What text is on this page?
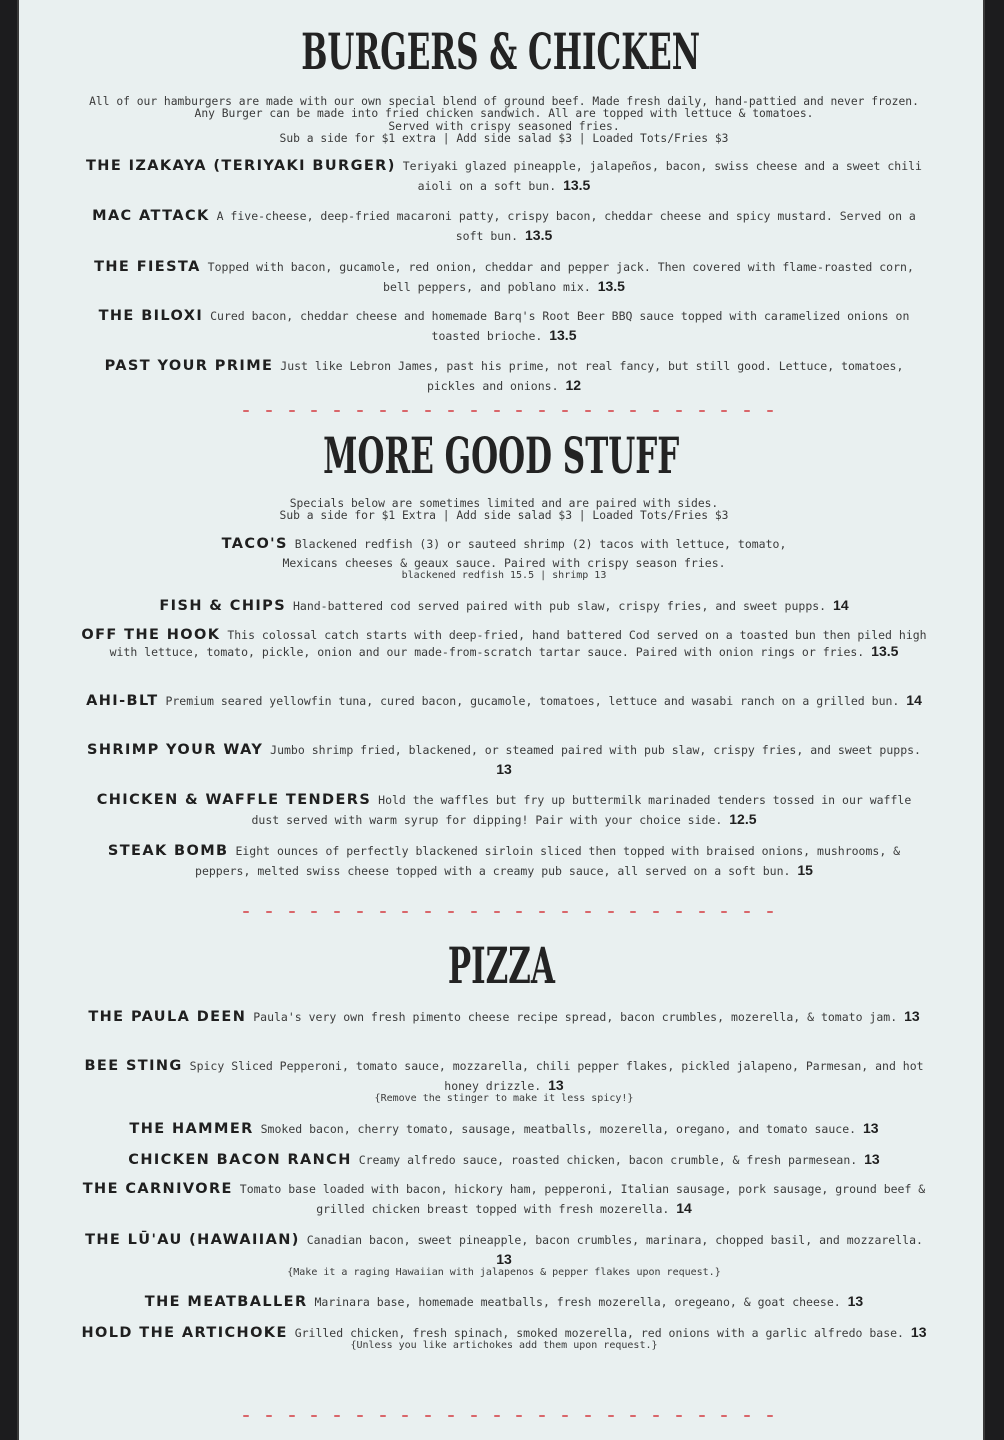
BURGERS & CHICKEN
All of our hamburgers are made with our own special blend of ground beef. Made fresh daily, hand-pattied and never frozen. Any Burger can be made into fried chicken sandwich. All are topped with lettuce & tomatoes.
Served with crispy seasoned fries.
Sub a side for $1 extra | Add side salad $3 | Loaded Tots/Fries $3
THE IZAKAYA (TERIYAKI BURGER) Teriyaki glazed pineapple, jalapeños, bacon, swiss cheese and a sweet chili aioli on a soft bun. 13.5
MAC ATTACK A five-cheese, deep-fried macaroni patty, crispy bacon, cheddar cheese and spicy mustard. Served on a soft bun. 13.5
THE FIESTA Topped with bacon, gucamole, red onion, cheddar and pepper jack. Then covered with flame-roasted corn, bell peppers, and poblano mix. 13.5
THE BILOXI Cured bacon, cheddar cheese and homemade Barq's Root Beer BBQ sauce topped with caramelized onions on toasted brioche. 13.5
PAST YOUR PRIME Just like Lebron James, past his prime, not real fancy, but still good. Lettuce, tomatoes, pickles and onions. 12
MORE GOOD STUFF
Specials below are sometimes limited and are paired with sides.
Sub a side for $1 Extra | Add side salad $3 | Loaded Tots/Fries $3
TACO'S Blackened redfish (3) or sauteed shrimp (2) tacos with lettuce, tomato, Mexicans cheeses & geaux sauce. Paired with crispy season fries.
blackened redfish 15.5 | shrimp 13
FISH & CHIPS Hand-battered cod served paired with pub slaw, crispy fries, and sweet pupps. 14
OFF THE HOOK This colossal catch starts with deep-fried, hand battered Cod served on a toasted bun then piled high with lettuce, tomato, pickle, onion and our made-from-scratch tartar sauce. Paired with onion rings or fries. 13.5
AHI-BLT Premium seared yellowfin tuna, cured bacon, gucamole, tomatoes, lettuce and wasabi ranch on a grilled bun. 14
SHRIMP YOUR WAY Jumbo shrimp fried, blackened, or steamed paired with pub slaw, crispy fries, and sweet pupps. 13
CHICKEN & WAFFLE TENDERS Hold the waffles but fry up buttermilk marinaded tenders tossed in our waffle dust served with warm syrup for dipping! Pair with your choice side. 12.5
STEAK BOMB Eight ounces of perfectly blackened sirloin sliced then topped with braised onions, mushrooms, & peppers, melted swiss cheese topped with a creamy pub sauce, all served on a soft bun. 15
PIZZA
THE PAULA DEEN Paula's very own fresh pimento cheese recipe spread, bacon crumbles, mozerella, & tomato jam. 13
BEE STING Spicy Sliced Pepperoni, tomato sauce, mozzarella, chili pepper flakes, pickled jalapeno, Parmesan, and hot honey drizzle. 13
{Remove the stinger to make it less spicy!}
THE HAMMER Smoked bacon, cherry tomato, sausage, meatballs, mozerella, oregano, and tomato sauce. 13
CHICKEN BACON RANCH Creamy alfredo sauce, roasted chicken, bacon crumble, & fresh parmesean. 13
THE CARNIVORE Tomato base loaded with bacon, hickory ham, pepperoni, Italian sausage, pork sausage, ground beef & grilled chicken breast topped with fresh mozerella. 14
THE LŪ'AU (HAWAIIAN) Canadian bacon, sweet pineapple, bacon crumbles, marinara, chopped basil, and mozzarella. 13
{Make it a raging Hawaiian with jalapenos & pepper flakes upon request.}
THE MEATBALLER Marinara base, homemade meatballs, fresh mozerella, oregeano, & goat cheese. 13
HOLD THE ARTICHOKE Grilled chicken, fresh spinach, smoked mozerella, red onions with a garlic alfredo base. 13
{Unless you like artichokes add them upon request.}
